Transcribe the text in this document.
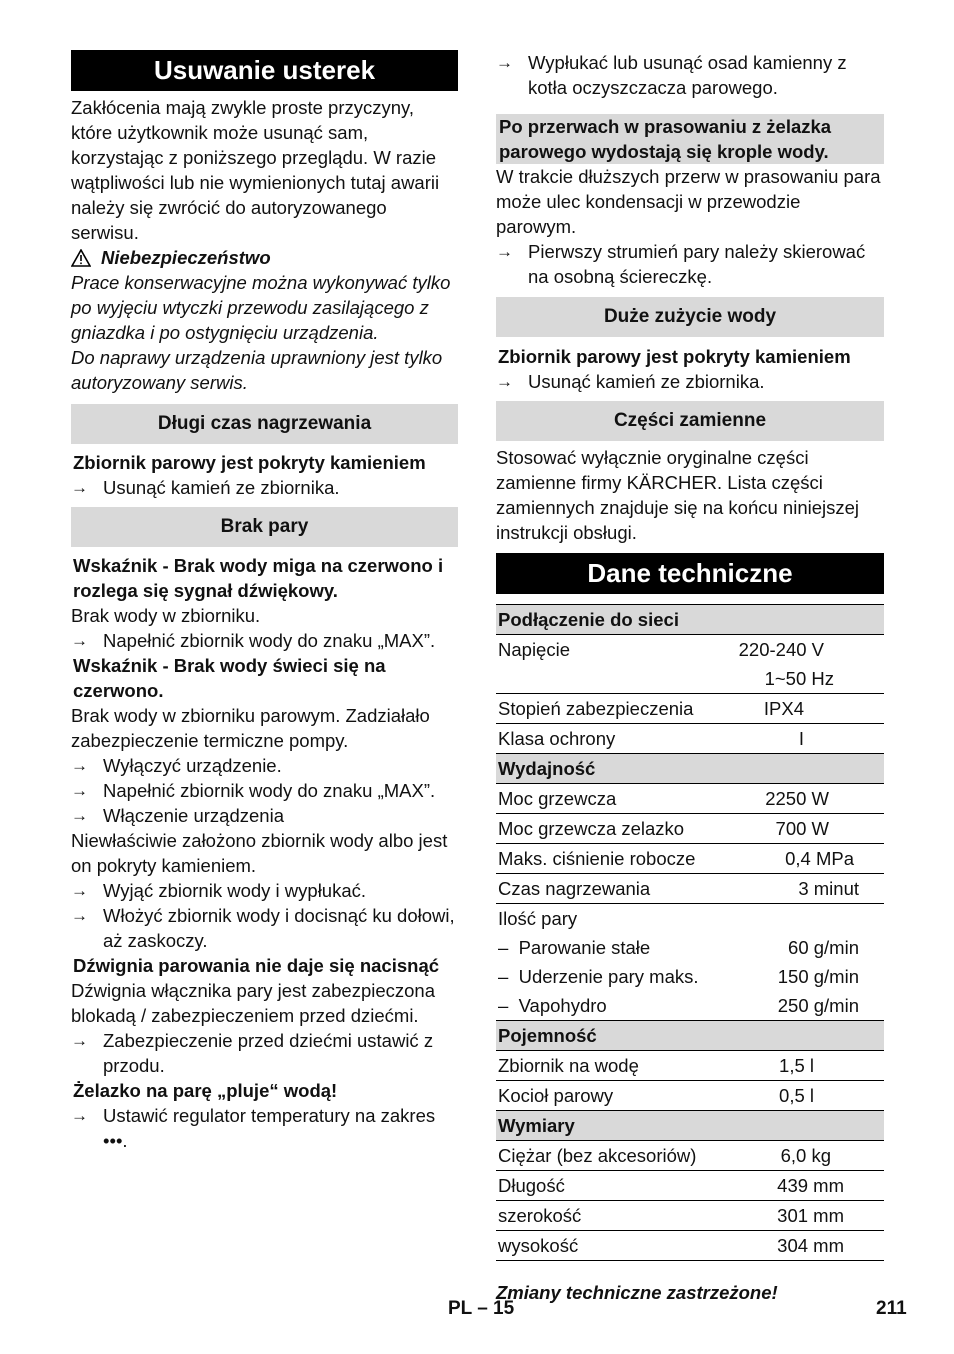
Usuwanie usterek

Zakłócenia mają zwykle proste przyczyny, które użytkownik może usunąć sam, korzystając z poniższego przeglądu. W razie wątpliwości lub nie wymienionych tutaj awarii należy się zwrócić do autoryzowanego serwisu.

Niebezpieczeństwo
Prace konserwacyjne można wykonywać tylko po wyjęciu wtyczki przewodu zasilającego z gniazdka i po ostygnięciu urządzenia.
Do naprawy urządzenia uprawniony jest tylko autoryzowany serwis.
Długi czas nagrzewania
Zbiornik parowy jest pokryty kamieniem
→ Usunąć kamień ze zbiornika.
Brak pary
Wskaźnik - Brak wody miga na czerwono i rozlega się sygnał dźwiękowy.
Brak wody w zbiorniku.
→ Napełnić zbiornik wody do znaku „MAX”.
Wskaźnik - Brak wody świeci się na czerwono.
Brak wody w zbiorniku parowym. Zadziałało zabezpieczenie termiczne pompy.
→ Wyłączyć urządzenie.
→ Napełnić zbiornik wody do znaku „MAX”.
→ Włączenie urządzenia
Niewłaściwie założono zbiornik wody albo jest on pokryty kamieniem.
→ Wyjąć zbiornik wody i wypłukać.
→ Włożyć zbiornik wody i docisnąć ku dołowi, aż zaskoczy.
Dźwignia parowania nie daje się nacisnąć
Dźwignia włącznika pary jest zabezpieczona blokadą / zabezpieczeniem przed dziećmi.
→ Zabezpieczenie przed dziećmi ustawić z przodu.
Żelazko na parę „pluje“ wodą!
→ Ustawić regulator temperatury na zakres •••.
→ Wypłukać lub usunąć osad kamienny z kotła oczyszczacza parowego.
Po przerwach w prasowaniu z żelazka parowego wydostają się krople wody.
W trakcie dłuższych przerw w prasowaniu para może ulec kondensacji w przewodzie parowym.
→ Pierwszy strumień pary należy skierować na osobną ściereczkę.
Duże zużycie wody
Zbiornik parowy jest pokryty kamieniem
→ Usunąć kamień ze zbiornika.
Części zamienne
Stosować wyłącznie oryginalne części zamienne firmy KÄRCHER. Lista części zamiennych znajduje się na końcu niniejszej instrukcji obsługi.
Dane techniczne
Podłączenie do sieci	
Napięcie	220-240 V
	1~50 Hz
Stopień zabezpieczenia	IPX4
Klasa ochrony	I
Wydajność	
Moc grzewcza	2250 W
Moc grzewcza zelazko	700 W
Maks. ciśnienie robocze	0,4 MPa
Czas nagrzewania	3 minut
Ilość pary	
– Parowanie stałe	60 g/min
– Uderzenie pary maks.	150 g/min
– Vapohydro	250 g/min
Pojemność	
Zbiornik na wodę	1,5 l
Kocioł parowy	0,5 l
Wymiary	
Ciężar (bez akcesoriów)	6,0 kg
Długość	439 mm
szerokość	301 mm
wysokość	304 mm
Zmiany techniczne zastrzeżone!
PL – 15	211
